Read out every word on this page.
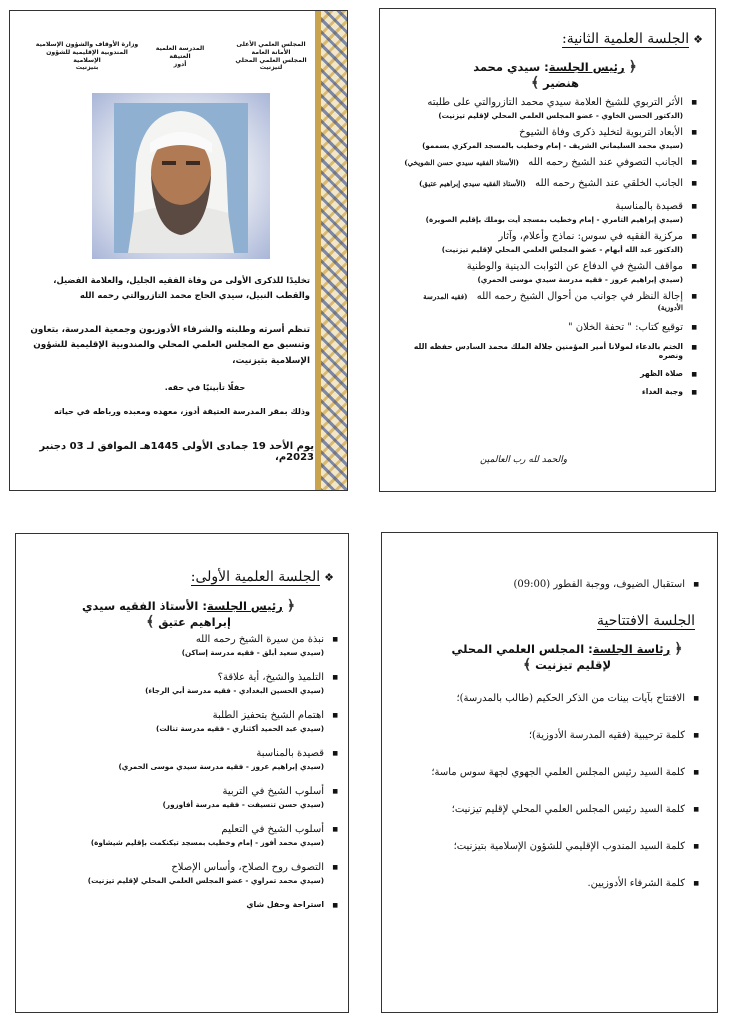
المجلس العلمي الأعلى
الأمانة العامة
المجلس العلمي المحلي لتيزنيت
المدرسة العلمية العتيقة
أدوز
وزارة الأوقاف والشؤون الإسلامية
المندوبية الإقليمية للشؤون الإسلامية
بتيزنيت
تخليدًا للذكرى الأولى من وفاة الفقيه الجليل، والعلامة الفضيل، والقطب النبيل، سيدي الحاج محمد التازروالتي رحمه الله
تنظم أسرته وطلبته والشرفاء الأدوزيون وجمعية المدرسة، بتعاون وتنسيق مع المجلس العلمي المحلي والمندوبية الإقليمية للشؤون الإسلامية بتيزنيت،
حفلًا تأبينيًا في حقه.
وذلك بمقر المدرسة العتيقة أدوز، معهده ومعبده ورباطه في حياته
يوم الأحد 19 جمادى الأولى 1445هـ الموافق لـ 03 دجنبر 2023م،
❖الجلسة العلمية الثانية:
﴿ رئيس الجلسة: سيدي محمد هنضير ﴾
■ الأثر التربوي للشيخ العلامة سيدي محمد التازروالتي على طلبته
(الدكتور الحسن الخاوي - عضو المجلس العلمي المحلي لإقليم تيزنيت)
■ الأبعاد التربوية لتخليد ذكرى وفاة الشيوخ
(سيدي محمد السليماني الشريف - إمام وخطيب بالمسجد المركزي بسممو)
■ الجانب التصوفي عند الشيخ رحمه الله (الأستاذ الفقيه سيدي حسن الشويخي)
■ الجانب الخلقي عند الشيخ رحمه الله (الأستاذ الفقيه سيدي إبراهيم عتيق)
■ قصيدة بالمناسبة
(سيدي إبراهيم التامري - إمام وخطيب بمسجد أيت بوملك بإقليم الصويرة)
■ مركزية الفقيه في سوس: نماذج وأعلام، وآثار
(الدكتور عبد الله أبهام - عضو المجلس العلمي المحلي لإقليم تيزنيت)
■ مواقف الشيخ في الدفاع عن الثوابت الدينية والوطنية
(سيدي إبراهيم عروز - فقيه مدرسة سيدي موسى الحمري)
■ إجالة النظر في جوانب من أحوال الشيخ رحمه الله (فقيه المدرسة الأدوزية)
■ توقيع كتاب: " تحفة الخلان "
■ الختم بالدعاء لمولانا أمير المؤمنين جلالة الملك محمد السادس حفظه الله ونصره
■ صلاة الظهر
■ وجبة الغداء
والحمد لله رب العالمين
❖الجلسة العلمية الأولى:
﴿ رئيس الجلسة: الأستاذ الفقيه سيدي إبراهيم عتيق ﴾
■ نبذة من سيرة الشيخ رحمه الله
(سيدي سعيد أبلق - فقيه مدرسة إساكن)
■ التلميذ والشيخ، أية علاقة؟
(سيدي الحسين البغدادي - فقيه مدرسة أبي الرجاء)
■ اهتمام الشيخ بتحفيز الطلبة
(سيدي عبد الحميد أكثناري - فقيه مدرسة تنالت)
■ قصيدة بالمناسبة
(سيدي إبراهيم عروز - فقيه مدرسة سيدي موسى الحمري)
■ أسلوب الشيخ في التربية
(سيدي حسن تنسيفت - فقيه مدرسة أفاوزور)
■ أسلوب الشيخ في التعليم
(سيدي محمد أفوز - إمام وخطيب بمسجد تيكنكمت بإقليم شيشاوة)
■ التصوف روح الصلاح، وأساس الإصلاح
(سيدي محمد تمراوي - عضو المجلس العلمي المحلي لإقليم تيزنيت)
■ استراحة وحفل شاي
■ استقبال الضيوف، ووجبة الفطور (09:00)
الجلسة الافتتاحية
﴿ رئاسة الجلسة: المجلس العلمي المحلي لإقليم تيزنيت ﴾
■ الافتتاح بآيات بينات من الذكر الحكيم (طالب بالمدرسة)؛
■ كلمة ترحيبية (فقيه المدرسة الأدوزية)؛
■ كلمة السيد رئيس المجلس العلمي الجهوي لجهة سوس ماسة؛
■ كلمة السيد رئيس المجلس العلمي المحلي لإقليم تيزنيت؛
■ كلمة السيد المندوب الإقليمي للشؤون الإسلامية بتيزنيت؛
■ كلمة الشرفاء الأدوزيين.
